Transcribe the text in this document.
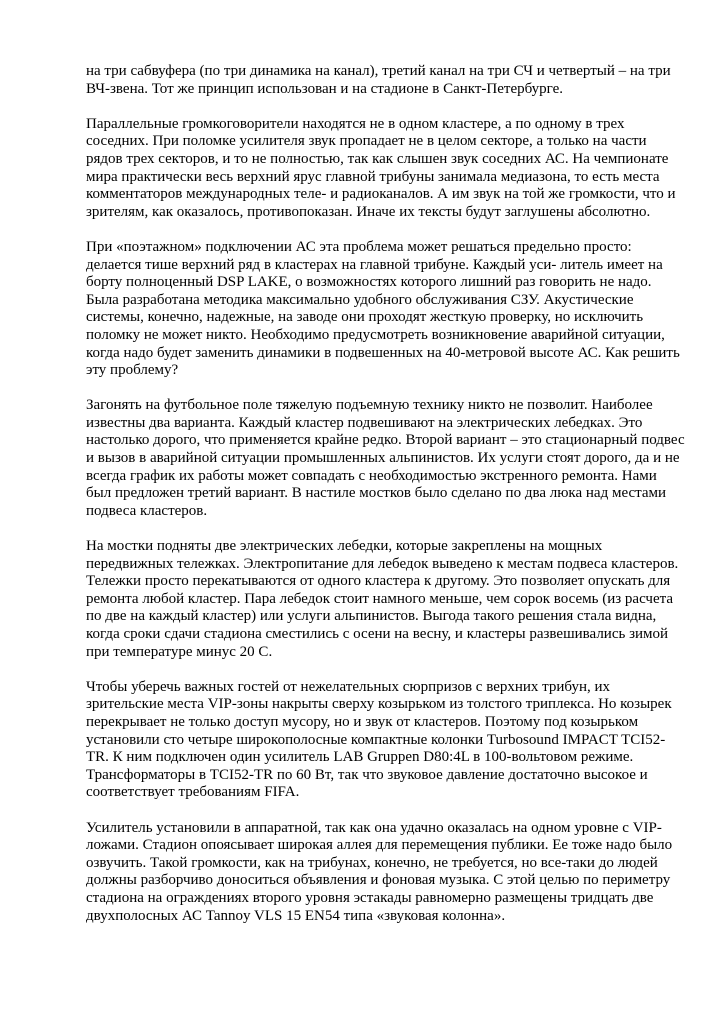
на три сабвуфера (по три динамика на канал), третий канал на три СЧ и четвертый – на три
ВЧ-звена. Тот же принцип использован и на стадионе в Санкт-Петербурге.

Параллельные громкоговорители находятся не в одном кластере, а по одному в трех
соседних. При поломке усилителя звук пропадает не в целом секторе, а только на части
рядов трех секторов, и то не полностью, так как слышен звук соседних АС. На чемпионате
мира практически весь верхний ярус главной трибуны занимала медиазона, то есть места
комментаторов международных теле- и радиоканалов. А им звук на той же громкости, что и
зрителям, как оказалось, противопоказан. Иначе их тексты будут заглушены абсолютно.

При «поэтажном» подключении АС эта проблема может решаться предельно просто:
делается тише верхний ряд в кластерах на главной трибуне. Каждый уси- литель имеет на
борту полноценный DSP LAKE, о возможностях которого лишний раз говорить не надо.
Была разработана методика максимально удобного обслуживания СЗУ. Акустические
системы, конечно, надежные, на заводе они проходят жесткую проверку, но исключить
поломку не может никто. Необходимо предусмотреть возникновение аварийной ситуации,
когда надо будет заменить динамики в подвешенных на 40-метровой высоте АС. Как решить
эту проблему?

Загонять на футбольное поле тяжелую подъемную технику никто не позволит. Наиболее
известны два варианта. Каждый кластер подвешивают на электрических лебедках. Это
настолько дорого, что применяется крайне редко. Второй вариант – это стационарный подвес
и вызов в аварийной ситуации промышленных альпинистов. Их услуги стоят дорого, да и не
всегда график их работы может совпадать с необходимостью экстренного ремонта. Нами
был предложен третий вариант. В настиле мостков было сделано по два люка над местами
подвеса кластеров.

На мостки подняты две электрических лебедки, которые закреплены на мощных
передвижных тележках. Электропитание для лебедок выведено к местам подвеса кластеров.
Тележки просто перекатываются от одного кластера к другому. Это позволяет опускать для
ремонта любой кластер. Пара лебедок стоит намного меньше, чем сорок восемь (из расчета
по две на каждый кластер) или услуги альпинистов. Выгода такого решения стала видна,
когда сроки сдачи стадиона сместились с осени на весну, и кластеры развешивались зимой
при температуре минус 20 С.

Чтобы уберечь важных гостей от нежелательных сюрпризов с верхних трибун, их
зрительские места VIP-зоны накрыты сверху козырьком из толстого триплекса. Но козырек
перекрывает не только доступ мусору, но и звук от кластеров. Поэтому под козырьком
установили сто четыре широкополосные компактные колонки Turbosound IMPACT TCI52-
TR. К ним подключен один усилитель LAB Gruppen D80:4L в 100-вольтовом режиме.
Трансформаторы в TCI52-TR по 60 Вт, так что звуковое давление достаточно высокое и
соответствует требованиям FIFA.

Усилитель установили в аппаратной, так как она удачно оказалась на одном уровне с VIP-
ложами. Стадион опоясывает широкая аллея для перемещения публики. Ее тоже надо было
озвучить. Такой громкости, как на трибунах, конечно, не требуется, но все-таки до людей
должны разборчиво доноситься объявления и фоновая музыка. С этой целью по периметру
стадиона на ограждениях второго уровня эстакады равномерно размещены тридцать две
двухполосных АС Tannoy VLS 15 EN54 типа «звуковая колонна».
